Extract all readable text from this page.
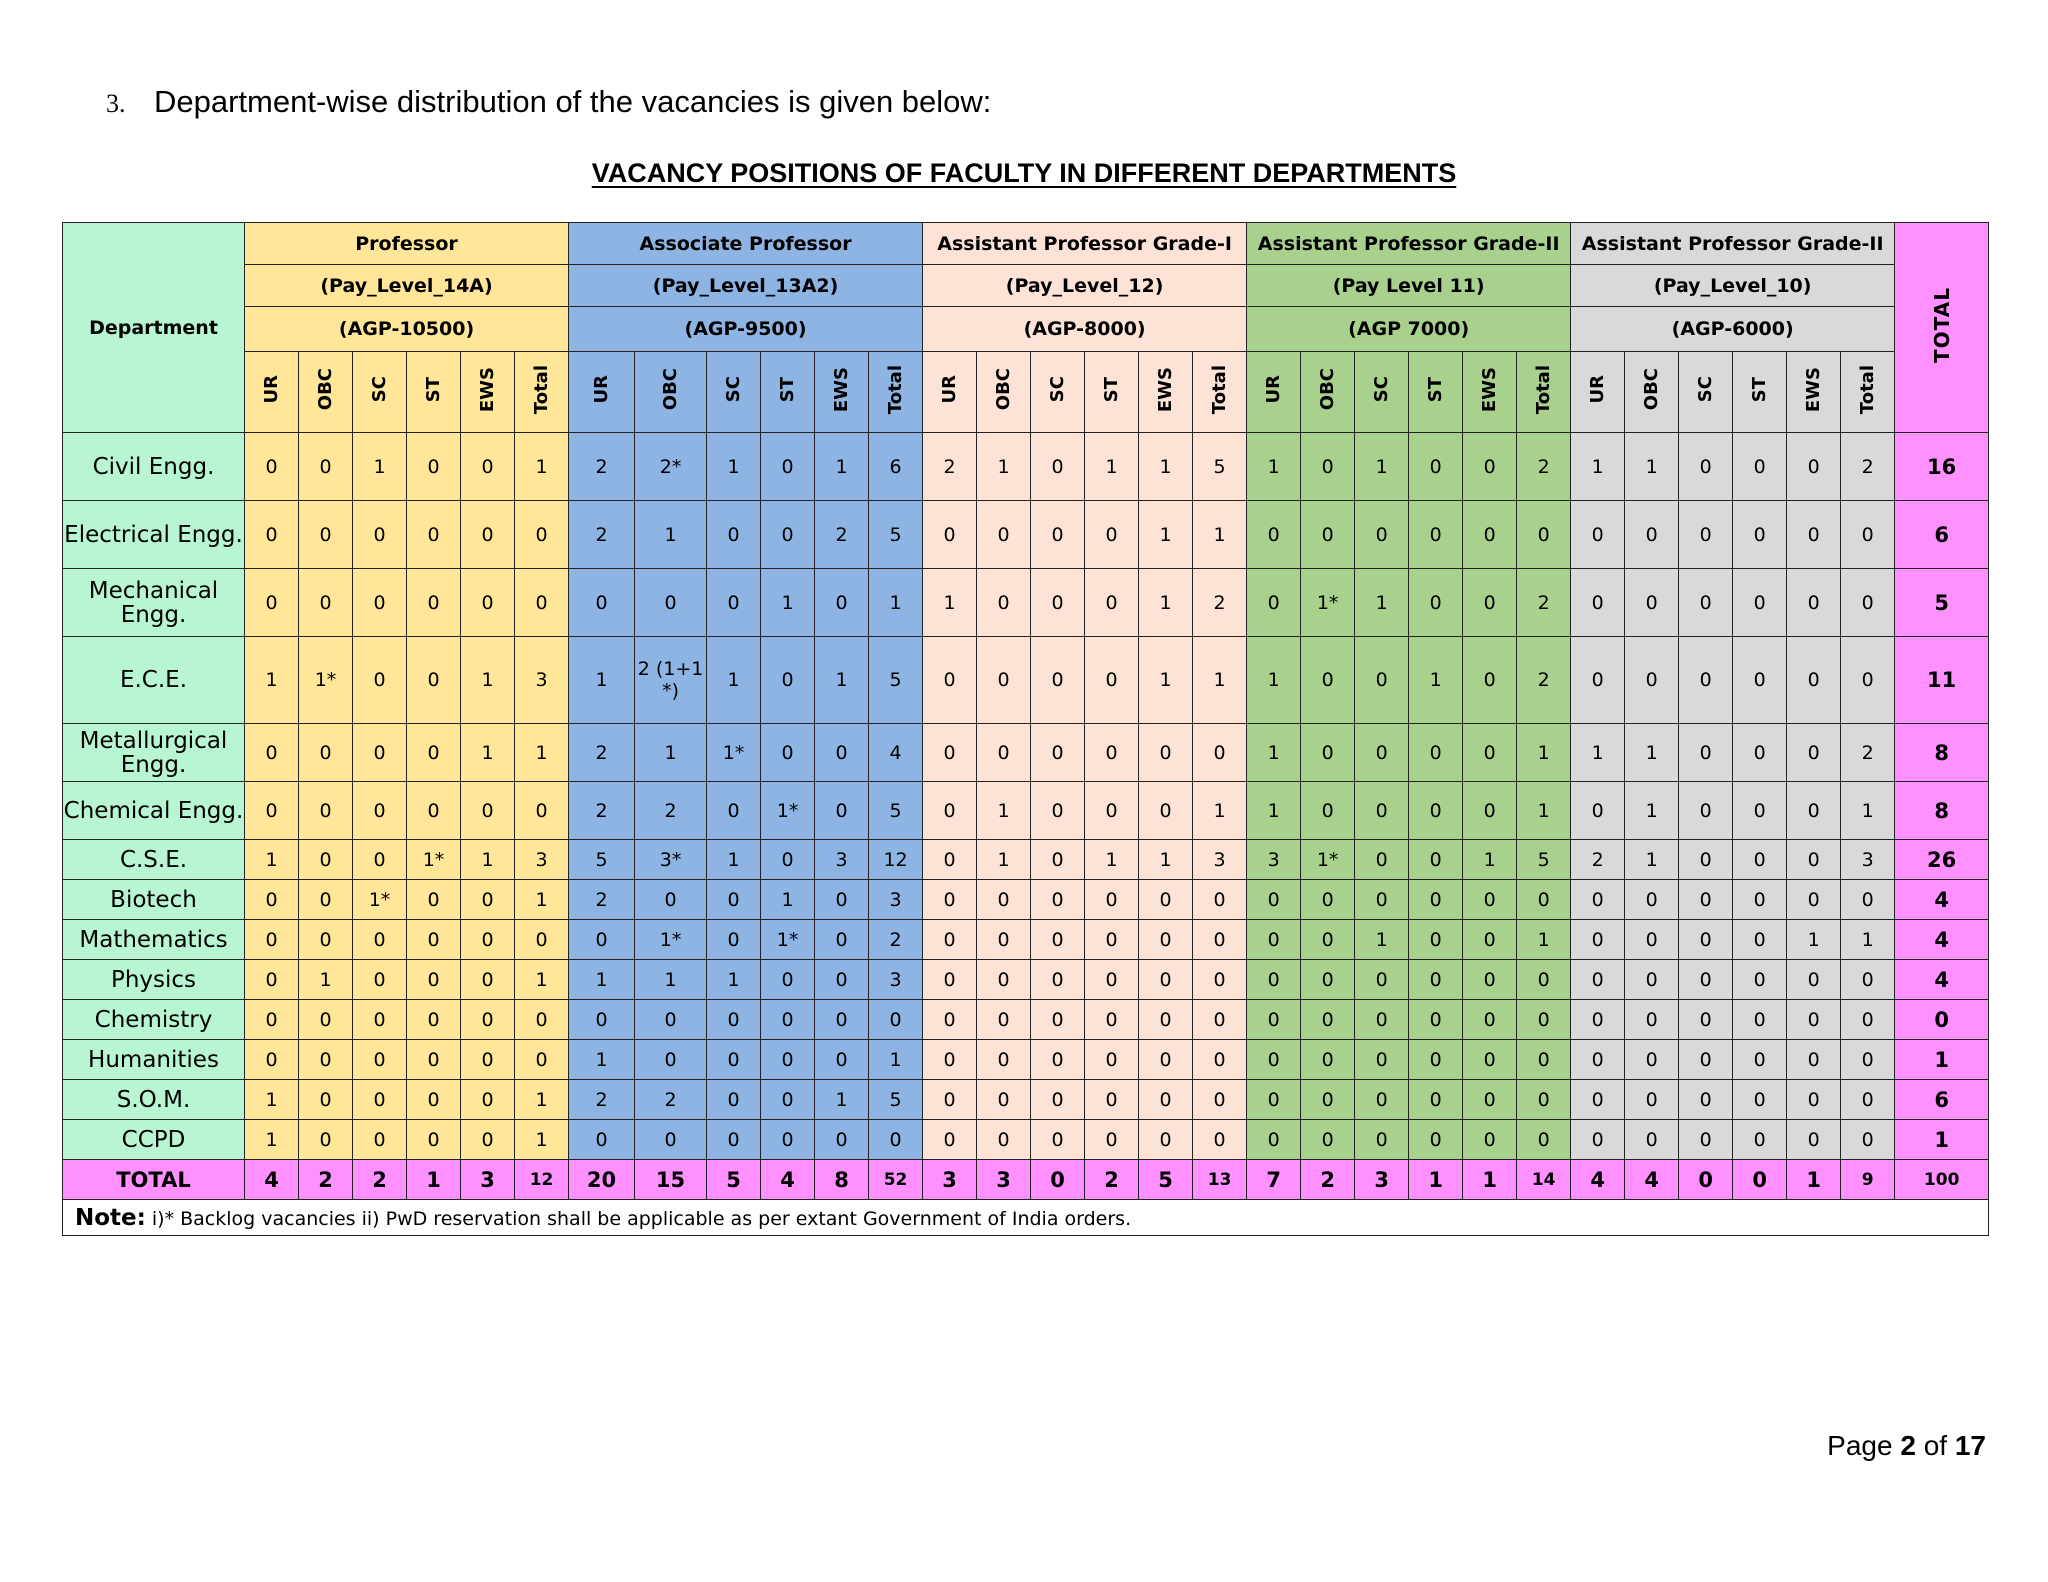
3. Department-wise distribution of the vacancies is given below:
VACANCY POSITIONS OF FACULTY IN DIFFERENT DEPARTMENTS
Department	Professor						Associate Professor						Assistant Professor Grade-I						Assistant Professor Grade-II						Assistant Professor Grade-II						TOTAL
	(Pay_Level_14A)						(Pay_Level_13A2)						(Pay_Level_12)						(Pay Level 11)						(Pay_Level_10)						
	(AGP-10500)						(AGP-9500)						(AGP-8000)						(AGP 7000)						(AGP-6000)						
	UR	OBC	SC	ST	EWS	Total	UR	OBC	SC	ST	EWS	Total	UR	OBC	SC	ST	EWS	Total	UR	OBC	SC	ST	EWS	Total	UR	OBC	SC	ST	EWS	Total	
Civil Engg.	0	0	1	0	0	1	2	2*	1	0	1	6	2	1	0	1	1	5	1	0	1	0	0	2	1	1	0	0	0	2	16
Electrical Engg.	0	0	0	0	0	0	2	1	0	0	2	5	0	0	0	0	1	1	0	0	0	0	0	0	0	0	0	0	0	0	6
Mechanical Engg.	0	0	0	0	0	0	0	0	0	1	0	1	1	0	0	0	1	2	0	1*	1	0	0	2	0	0	0	0	0	0	5
E.C.E.	1	1*	0	0	1	3	1	2 (1+1 *)	1	0	1	5	0	0	0	0	1	1	1	0	0	1	0	2	0	0	0	0	0	0	11
Metallurgical Engg.	0	0	0	0	1	1	2	1	1*	0	0	4	0	0	0	0	0	0	1	0	0	0	0	1	1	1	0	0	0	2	8
Chemical Engg.	0	0	0	0	0	0	2	2	0	1*	0	5	0	1	0	0	0	1	1	0	0	0	0	1	0	1	0	0	0	1	8
C.S.E.	1	0	0	1*	1	3	5	3*	1	0	3	12	0	1	0	1	1	3	3	1*	0	0	1	5	2	1	0	0	0	3	26
Biotech	0	0	1*	0	0	1	2	0	0	1	0	3	0	0	0	0	0	0	0	0	0	0	0	0	0	0	0	0	0	0	4
Mathematics	0	0	0	0	0	0	0	1*	0	1*	0	2	0	0	0	0	0	0	0	0	1	0	0	1	0	0	0	0	1	1	4
Physics	0	1	0	0	0	1	1	1	1	0	0	3	0	0	0	0	0	0	0	0	0	0	0	0	0	0	0	0	0	0	4
Chemistry	0	0	0	0	0	0	0	0	0	0	0	0	0	0	0	0	0	0	0	0	0	0	0	0	0	0	0	0	0	0	0
Humanities	0	0	0	0	0	0	1	0	0	0	0	1	0	0	0	0	0	0	0	0	0	0	0	0	0	0	0	0	0	0	1
S.O.M.	1	0	0	0	0	1	2	2	0	0	1	5	0	0	0	0	0	0	0	0	0	0	0	0	0	0	0	0	0	0	6
CCPD	1	0	0	0	0	1	0	0	0	0	0	0	0	0	0	0	0	0	0	0	0	0	0	0	0	0	0	0	0	0	1
TOTAL	4	2	2	1	3	12	20	15	5	4	8	52	3	3	0	2	5	13	7	2	3	1	1	14	4	4	0	0	1	9	100
Note: i)* Backlog vacancies ii) PwD reservation shall be applicable as per extant Government of India orders.																															
Page 2 of 17
